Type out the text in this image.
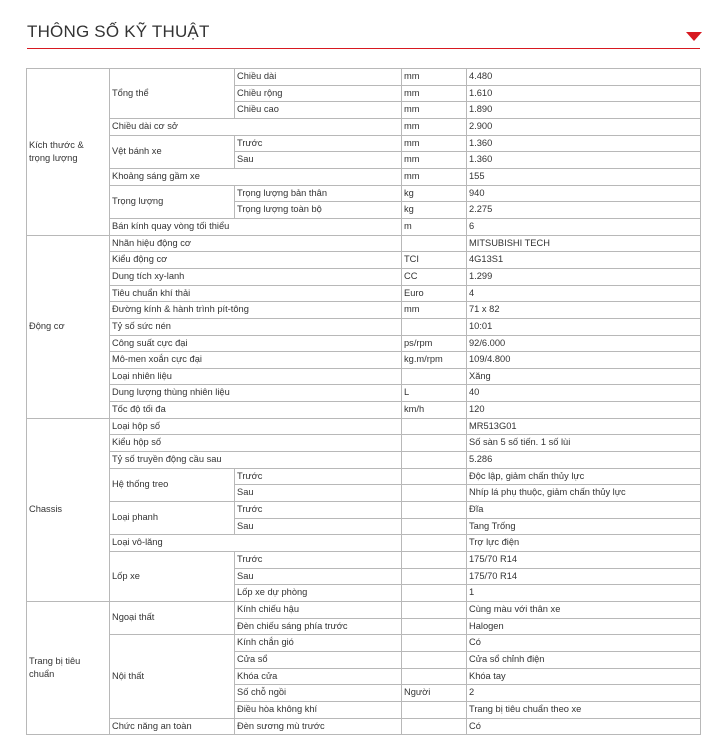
THÔNG SỐ KỸ THUẬT
Kích thước &
trọng lượng	Tổng thể	Chiều dài	mm	4.480
		Chiều rộng	mm	1.610
		Chiều cao	mm	1.890
	Chiều dài cơ sở		mm	2.900
	Vệt bánh xe	Trước	mm	1.360
		Sau	mm	1.360
	Khoảng sáng gầm xe		mm	155
	Trọng lượng	Trọng lượng bản thân	kg	940
		Trọng lượng toàn bộ	kg	2.275
	Bán kính quay vòng tối thiểu		m	6
Động cơ	Nhãn hiệu động cơ			MITSUBISHI TECH
	Kiểu động cơ		TCI	4G13S1
	Dung tích xy-lanh		CC	1.299
	Tiêu chuẩn khí thải		Euro	4
	Đường kính & hành trình pít-tông		mm	71 x 82
	Tỷ số sức nén			10:01
	Công suất cực đại		ps/rpm	92/6.000
	Mô-men xoắn cực đại		kg.m/rpm	109/4.800
	Loại nhiên liệu			Xăng
	Dung lượng thùng nhiên liệu		L	40
	Tốc độ tối đa		km/h	120
Chassis	Loại hộp số			MR513G01
	Kiểu hộp số			Số sàn 5 số tiến. 1 số lùi
	Tỷ số truyền động cầu sau			5.286
	Hệ thống treo	Trước		Độc lập, giảm chấn thủy lực
		Sau		Nhíp lá phụ thuộc, giảm chấn thủy lực
	Loại phanh	Trước		Đĩa
		Sau		Tang Trống
	Loại vô-lăng			Trợ lực điện
	Lốp xe	Trước		175/70 R14
		Sau		175/70 R14
		Lốp xe dự phòng		1
Trang bị tiêu
chuẩn	Ngoại thất	Kính chiếu hậu		Cùng màu với thân xe
		Đèn chiếu sáng phía trước		Halogen
	Nội thất	Kính chắn gió		Có
		Cửa sổ		Cửa sổ chỉnh điện
		Khóa cửa		Khóa tay
		Số chỗ ngồi	Người	2
		Điều hòa không khí		Trang bị tiêu chuẩn theo xe
	Chức năng an toàn	Đèn sương mù trước		Có
